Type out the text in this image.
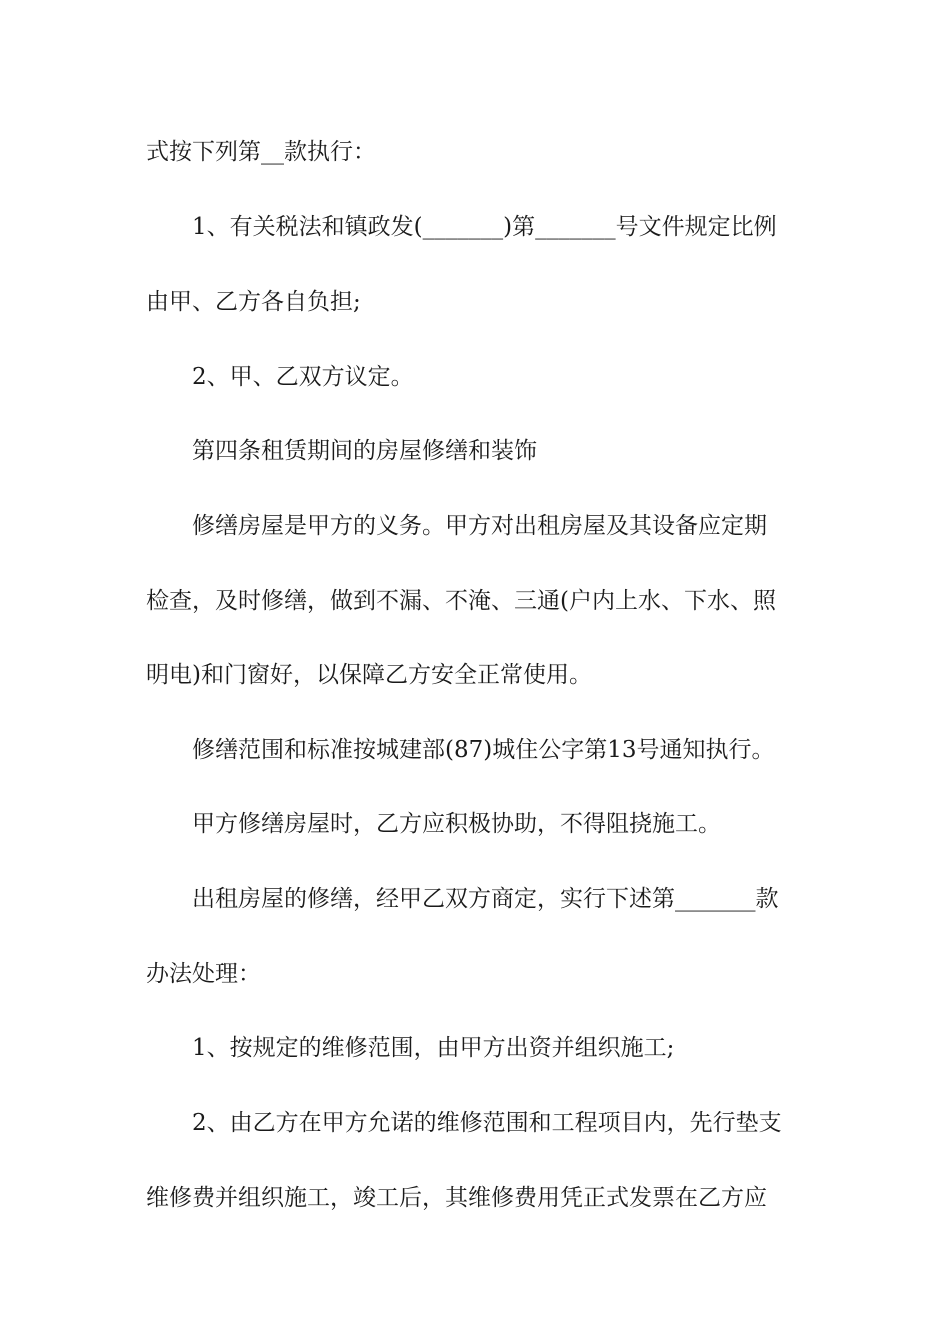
式按下列第__款执行：
1、有关税法和镇政发(_______)第_______号文件规定比例
由甲、乙方各自负担;
2、甲、乙双方议定。
第四条租赁期间的房屋修缮和装饰
修缮房屋是甲方的义务。甲方对出租房屋及其设备应定期
检查，及时修缮，做到不漏、不淹、三通(户内上水、下水、照
明电)和门窗好，以保障乙方安全正常使用。
修缮范围和标准按城建部(87)城住公字第13号通知执行。
甲方修缮房屋时，乙方应积极协助，不得阻挠施工。
出租房屋的修缮，经甲乙双方商定，实行下述第_______款
办法处理：
1、按规定的维修范围，由甲方出资并组织施工;
2、由乙方在甲方允诺的维修范围和工程项目内，先行垫支
维修费并组织施工，竣工后，其维修费用凭正式发票在乙方应
